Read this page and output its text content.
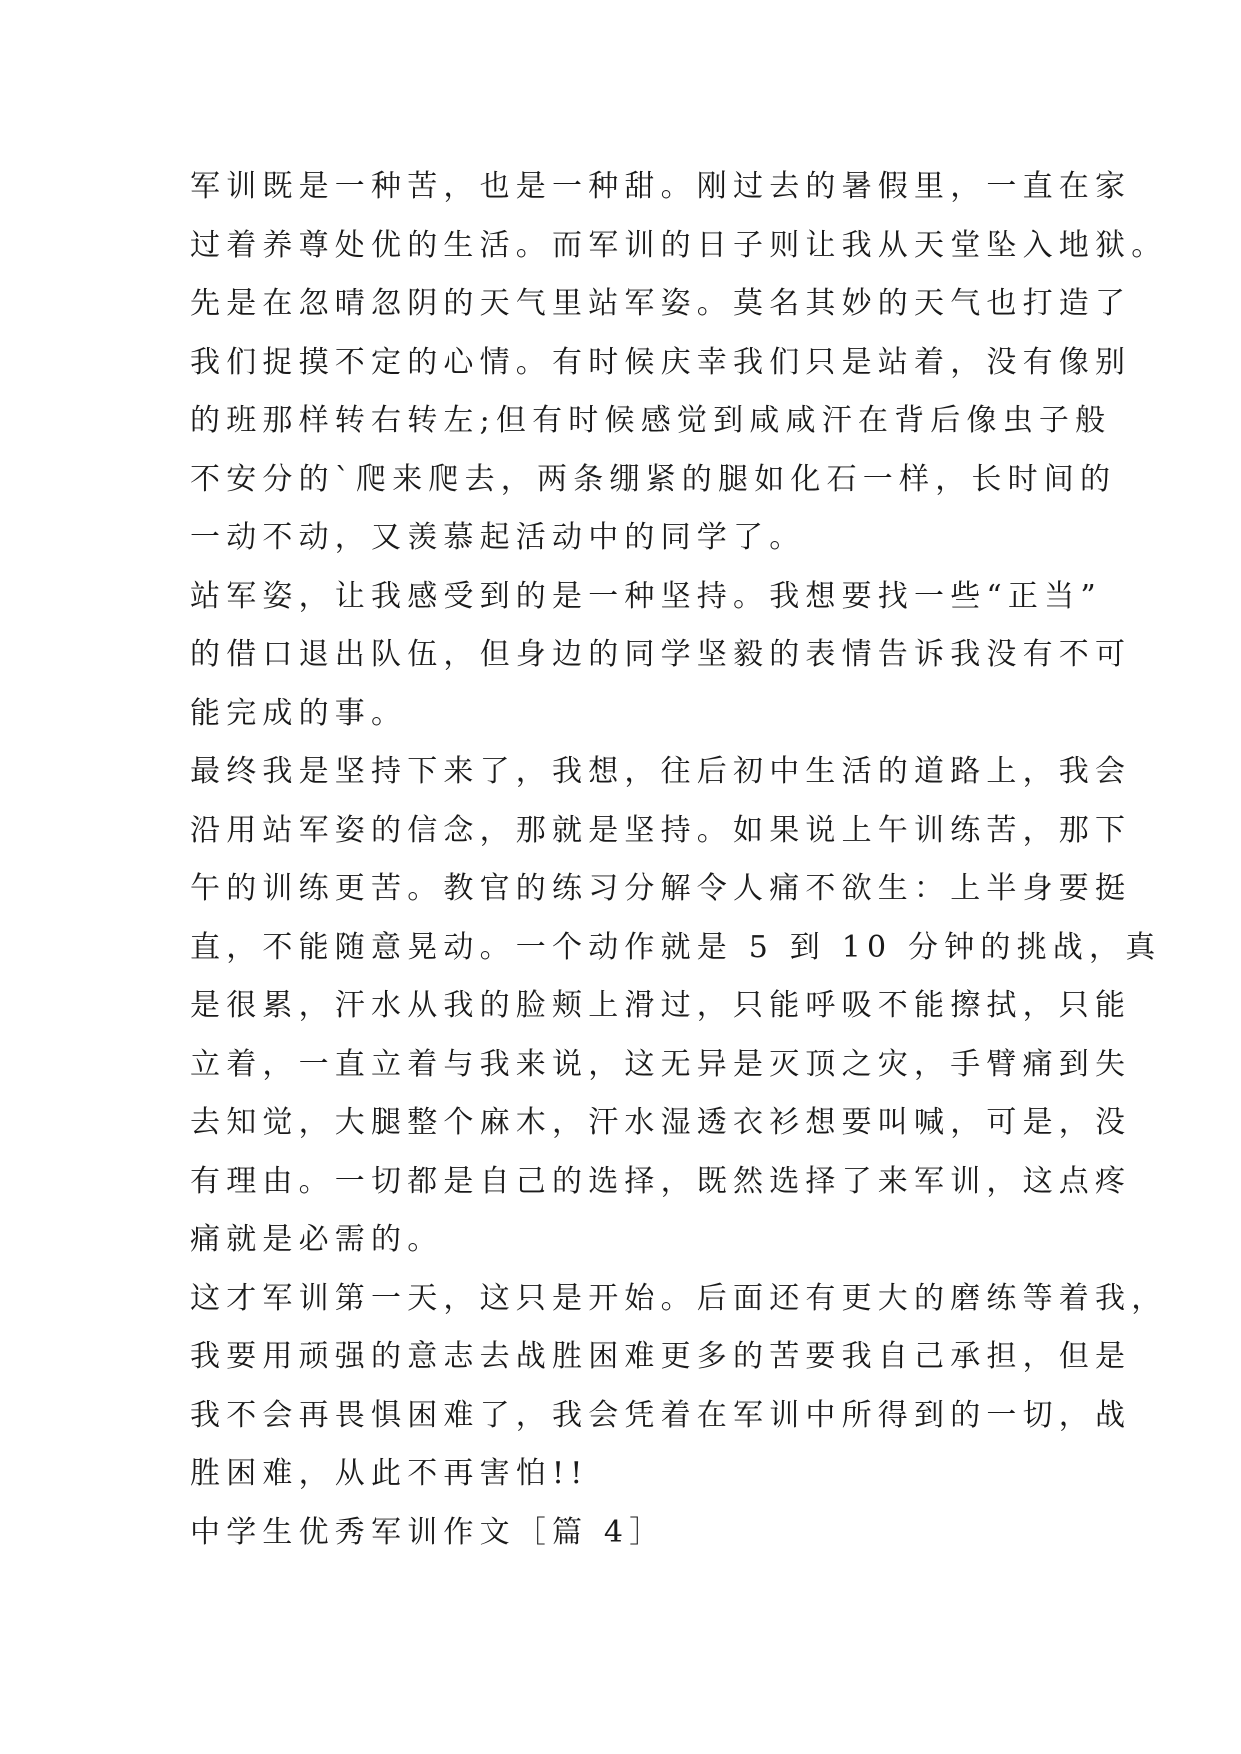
军训既是一种苦，也是一种甜。刚过去的暑假里，一直在家
过着养尊处优的生活。而军训的日子则让我从天堂坠入地狱。
先是在忽晴忽阴的天气里站军姿。莫名其妙的天气也打造了
我们捉摸不定的心情。有时候庆幸我们只是站着，没有像别
的班那样转右转左;但有时候感觉到咸咸汗在背后像虫子般
不安分的`爬来爬去，两条绷紧的腿如化石一样，长时间的
一动不动，又羡慕起活动中的同学了。
站军姿，让我感受到的是一种坚持。我想要找一些“正当”
的借口退出队伍，但身边的同学坚毅的表情告诉我没有不可
能完成的事。
最终我是坚持下来了，我想，往后初中生活的道路上，我会
沿用站军姿的信念，那就是坚持。如果说上午训练苦，那下
午的训练更苦。教官的练习分解令人痛不欲生：上半身要挺
直，不能随意晃动。一个动作就是 5 到 10 分钟的挑战，真
是很累，汗水从我的脸颊上滑过，只能呼吸不能擦拭，只能
立着，一直立着与我来说，这无异是灭顶之灾，手臂痛到失
去知觉，大腿整个麻木，汗水湿透衣衫想要叫喊，可是，没
有理由。一切都是自己的选择，既然选择了来军训，这点疼
痛就是必需的。
这才军训第一天，这只是开始。后面还有更大的磨练等着我，
我要用顽强的意志去战胜困难更多的苦要我自己承担，但是
我不会再畏惧困难了，我会凭着在军训中所得到的一切，战
胜困难，从此不再害怕!!
中学生优秀军训作文［篇 4］
